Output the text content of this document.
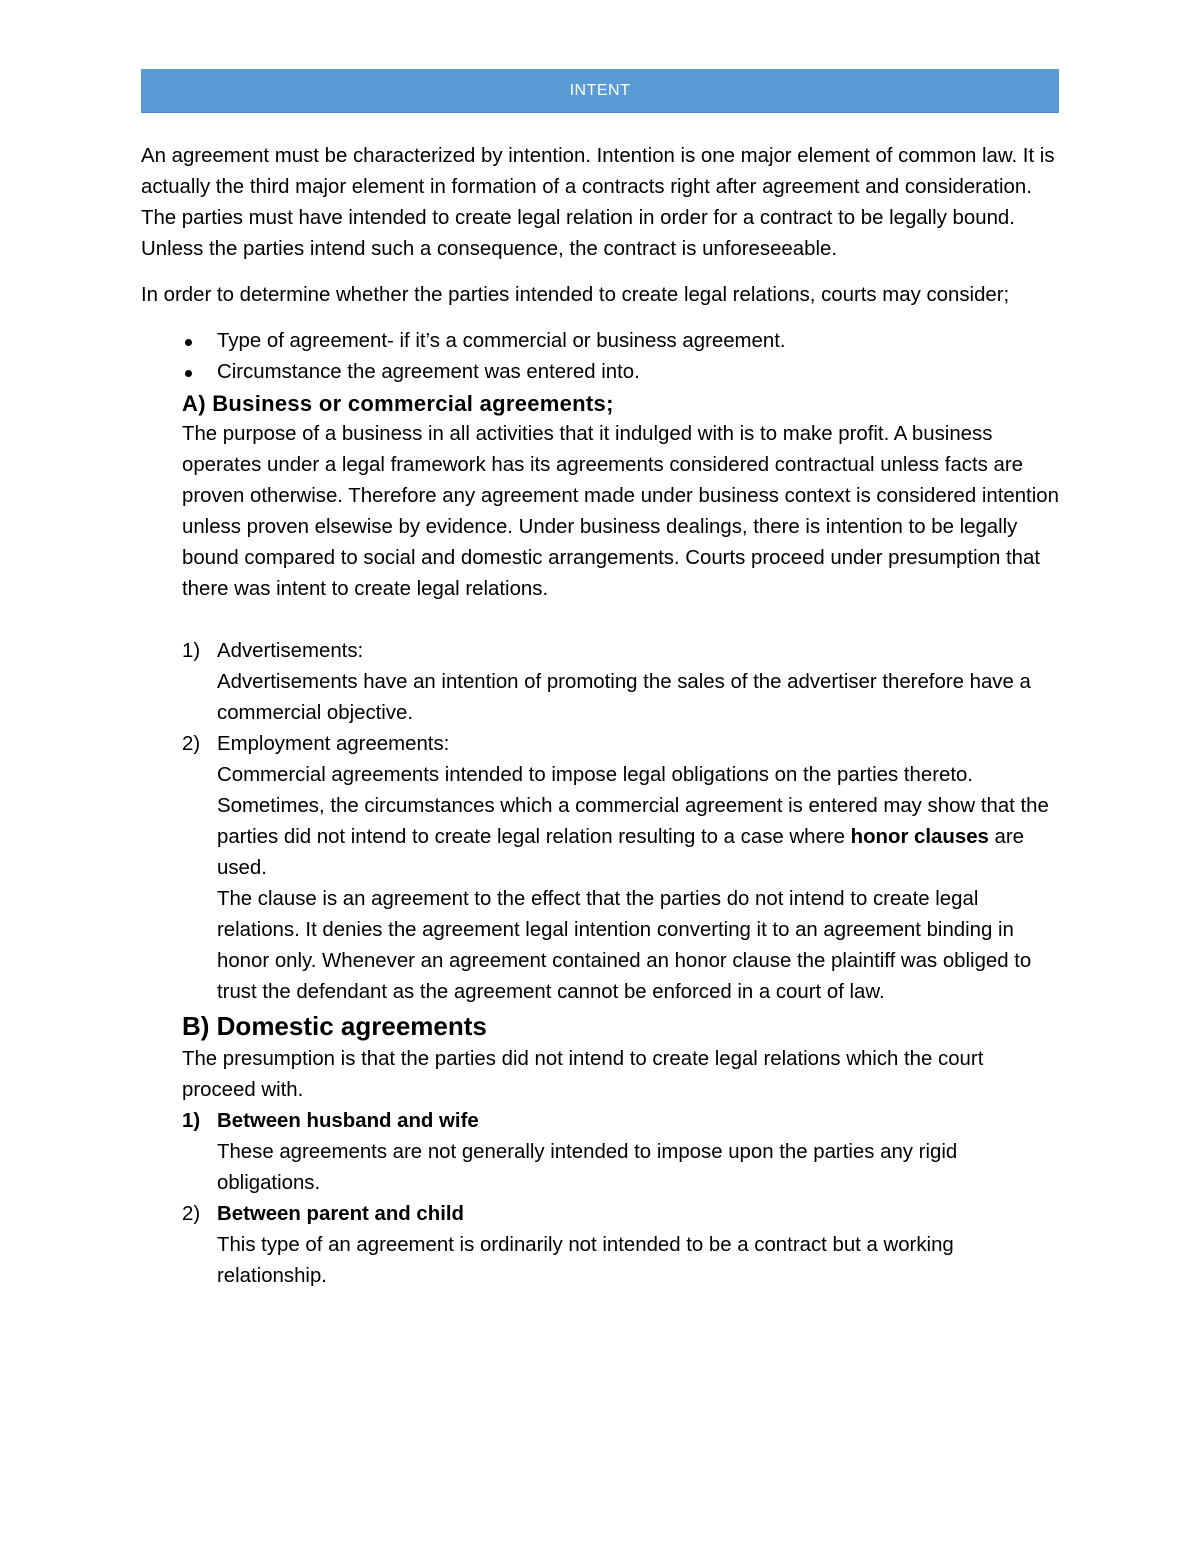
INTENT

An agreement must be characterized by intention. Intention is one major element of common law. It is actually the third major element in formation of a contracts right after agreement and consideration. The parties must have intended to create legal relation in order for a contract to be legally bound. Unless the parties intend such a consequence, the contract is unforeseeable.

In order to determine whether the parties intended to create legal relations, courts may consider;

Type of agreement- if it’s a commercial or business agreement.
Circumstance the agreement was entered into.
A) Business or commercial agreements;

The purpose of a business in all activities that it indulged with is to make profit. A business operates under a legal framework has its agreements considered contractual unless facts are proven otherwise. Therefore any agreement made under business context is considered intention unless proven elsewise by evidence. Under business dealings, there is intention to be legally bound compared to social and domestic arrangements. Courts proceed under presumption that there was intent to create legal relations.

1) Advertisements:
Advertisements have an intention of promoting the sales of the advertiser therefore have a commercial objective.
2) Employment agreements:
Commercial agreements intended to impose legal obligations on the parties thereto. Sometimes, the circumstances which a commercial agreement is entered may show that the parties did not intend to create legal relation resulting to a case where honor clauses are used.
The clause is an agreement to the effect that the parties do not intend to create legal relations. It denies the agreement legal intention converting it to an agreement binding in honor only. Whenever an agreement contained an honor clause the plaintiff was obliged to trust the defendant as the agreement cannot be enforced in a court of law.
B) Domestic agreements

The presumption is that the parties did not intend to create legal relations which the court proceed with.

1) Between husband and wife
These agreements are not generally intended to impose upon the parties any rigid obligations.
2) Between parent and child
This type of an agreement is ordinarily not intended to be a contract but a working relationship.
